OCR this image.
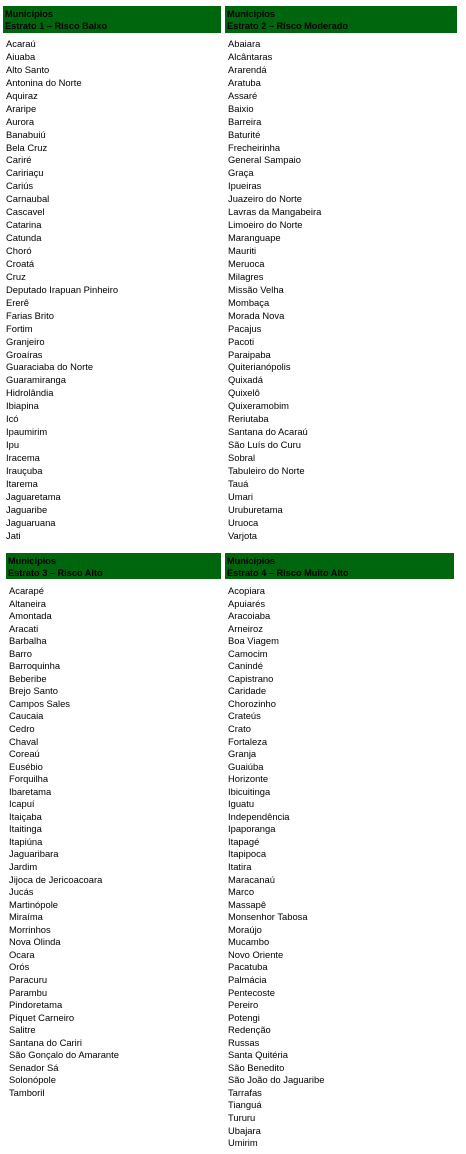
Municípios
Estrato 1 – Risco Baixo
Acaraú
Aiuaba
Alto Santo
Antonina do Norte
Aquiraz
Araripe
Aurora
Banabuiú
Bela Cruz
Cariré
Caririaçu
Cariús
Carnaubal
Cascavel
Catarina
Catunda
Choró
Croatá
Cruz
Deputado Irapuan Pinheiro
Ererê
Farias Brito
Fortim
Granjeiro
Groaíras
Guaraciaba do Norte
Guaramiranga
Hidrolândia
Ibiapina
Icó
Ipaumirim
Ipu
Iracema
Irauçuba
Itarema
Jaguaretama
Jaguaribe
Jaguaruana
Jati
Municípios
Estrato 2 – Risco Moderado
Abaiara
Alcântaras
Ararendá
Aratuba
Assaré
Baixio
Barreira
Baturité
Frecheirinha
General Sampaio
Graça
Ipueiras
Juazeiro do Norte
Lavras da Mangabeira
Limoeiro do Norte
Maranguape
Mauriti
Meruoca
Milagres
Missão Velha
Mombaça
Morada Nova
Pacajus
Pacoti
Paraipaba
Quiterianópolis
Quixadá
Quixelô
Quixeramobim
Reriutaba
Santana do Acaraú
São Luís do Curu
Sobral
Tabuleiro do Norte
Tauá
Umari
Uruburetama
Uruoca
Varjota
Municípios
Estrato 3 – Risco Alto
Acarapé
Altaneira
Amontada
Aracati
Barbalha
Barro
Barroquinha
Beberibe
Brejo Santo
Campos Sales
Caucaia
Cedro
Chaval
Coreaú
Eusébio
Forquilha
Ibaretama
Icapuí
Itaiçaba
Itaitinga
Itapiúna
Jaguaribara
Jardim
Jijoca de Jericoacoara
Jucás
Martinópole
Miraíma
Morrinhos
Nova Olinda
Ocara
Orós
Paracuru
Parambu
Pindoretama
Piquet Carneiro
Salitre
Santana do Cariri
São Gonçalo do Amarante
Senador Sá
Solonópole
Tamboril
Municípios
Estrato 4 – Risco Muito Alto
Acopiara
Apuiarés
Aracoiaba
Arneiroz
Boa Viagem
Camocim
Canindé
Capistrano
Caridade
Chorozinho
Crateús
Crato
Fortaleza
Granja
Guaiúba
Horizonte
Ibicuitinga
Iguatu
Independência
Ipaporanga
Itapagé
Itapipoca
Itatira
Maracanaú
Marco
Massapê
Monsenhor Tabosa
Moraújo
Mucambo
Novo Oriente
Pacatuba
Palmácia
Pentecoste
Pereiro
Potengi
Redenção
Russas
Santa Quitéria
São Benedito
São João do Jaguaribe
Tarrafas
Tianguá
Tururu
Ubajara
Umirim
